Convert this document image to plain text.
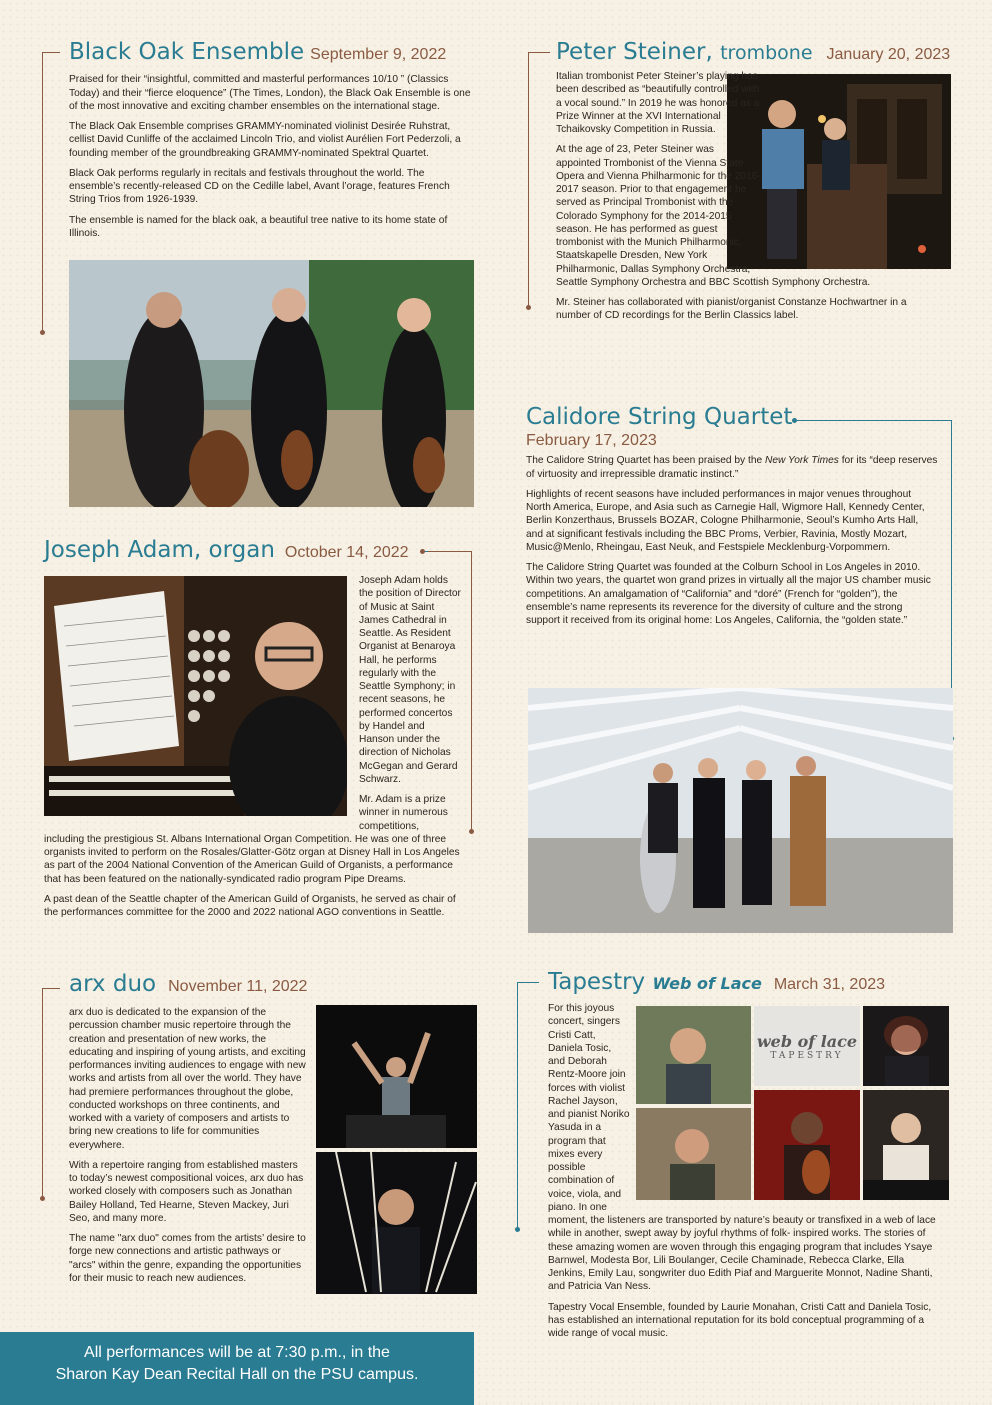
Black Oak Ensemble September 9, 2022

Praised for their “insightful, committed and masterful performances 10/10 ” (Classics Today) and their “fierce eloquence” (The Times, London), the Black Oak Ensemble is one of the most innovative and exciting chamber ensembles on the international stage.

The Black Oak Ensemble comprises GRAMMY-nominated violinist Desirée Ruhstrat, cellist David Cunliffe of the acclaimed Lincoln Trio, and violist Aurélien Fort Pederzoli, a founding member of the groundbreaking GRAMMY-nominated Spektral Quartet.

Black Oak performs regularly in recitals and festivals throughout the world. The ensemble’s recently-released CD on the Cedille label, Avant l’orage, features French String Trios from 1926-1939.

The ensemble is named for the black oak, a beautiful tree native to its home state of Illinois.

Peter Steiner, trombone January 20, 2023

Italian trombonist Peter Steiner’s playing has been described as “beautifully controlled with a vocal sound.” In 2019 he was honored as a Prize Winner at the XVI International Tchaikovsky Competition in Russia.

At the age of 23, Peter Steiner was appointed Trombonist of the Vienna State Opera and Vienna Philharmonic for the 2016-2017 season. Prior to that engagement he served as Principal Trombonist with the Colorado Symphony for the 2014-2015 season. He has performed as guest trombonist with the Munich Philharmonic, Staatskapelle Dresden, New York Philharmonic, Dallas Symphony Orchestra, Seattle Symphony Orchestra and BBC Scottish Symphony Orchestra.

Mr. Steiner has collaborated with pianist/organist Constanze Hochwartner in a number of CD recordings for the Berlin Classics label.

Joseph Adam, organ October 14, 2022

Joseph Adam holds the position of Director of Music at Saint James Cathedral in Seattle. As Resident Organist at Benaroya Hall, he performs regularly with the Seattle Symphony; in recent seasons, he performed concertos by Handel and Hanson under the direction of Nicholas McGegan and Gerard Schwarz.

Mr. Adam is a prize winner in numerous competitions, including the prestigious St. Albans International Organ Competition. He was one of three organists invited to perform on the Rosales/Glatter-Götz organ at Disney Hall in Los Angeles as part of the 2004 National Convention of the American Guild of Organists, a performance that has been featured on the nationally-syndicated radio program Pipe Dreams.

A past dean of the Seattle chapter of the American Guild of Organists, he served as chair of the performances committee for the 2000 and 2022 national AGO conventions in Seattle.

Calidore String Quartet
February 17, 2023

The Calidore String Quartet has been praised by the New York Times for its “deep reserves of virtuosity and irrepressible dramatic instinct.”

Highlights of recent seasons have included performances in major venues throughout North America, Europe, and Asia such as Carnegie Hall, Wigmore Hall, Kennedy Center, Berlin Konzerthaus, Brussels BOZAR, Cologne Philharmonie, Seoul’s Kumho Arts Hall, and at significant festivals including the BBC Proms, Verbier, Ravinia, Mostly Mozart, Music@Menlo, Rheingau, East Neuk, and Festspiele Mecklenburg-Vorpommern.

The Calidore String Quartet was founded at the Colburn School in Los Angeles in 2010. Within two years, the quartet won grand prizes in virtually all the major US chamber music competitions. An amalgamation of “California” and “doré” (French for “golden”), the ensemble’s name represents its reverence for the diversity of culture and the strong support it received from its original home: Los Angeles, California, the “golden state.”

arx duo November 11, 2022

arx duo is dedicated to the expansion of the percussion chamber music repertoire through the creation and presentation of new works, the educating and inspiring of young artists, and exciting performances inviting audiences to engage with new works and artists from all over the world. They have had premiere performances throughout the globe, conducted workshops on three continents, and worked with a variety of composers and artists to bring new creations to life for communities everywhere.

With a repertoire ranging from established masters to today’s newest compositional voices, arx duo has worked closely with composers such as Jonathan Bailey Holland, Ted Hearne, Steven Mackey, Juri Seo, and many more.

The name "arx duo" comes from the artists’ desire to forge new connections and artistic pathways or "arcs" within the genre, expanding the opportunities for their music to reach new audiences.

Tapestry Web of Lace March 31, 2023
web of lace
TAPESTRY

For this joyous concert, singers Cristi Catt, Daniela Tosic, and Deborah Rentz-Moore join forces with violist Rachel Jayson, and pianist Noriko Yasuda in a program that mixes every possible combination of voice, viola, and piano. In one moment, the listeners are transported by nature’s beauty or transfixed in a web of lace while in another, swept away by joyful rhythms of folk- inspired works. The stories of these amazing women are woven through this engaging program that includes Ysaye Barnwel, Modesta Bor, Lili Boulanger, Cecile Chaminade, Rebecca Clarke, Ella Jenkins, Emily Lau, songwriter duo Edith Piaf and Marguerite Monnot, Nadine Shanti, and Patricia Van Ness.

Tapestry Vocal Ensemble, founded by Laurie Monahan, Cristi Catt and Daniela Tosic, has established an international reputation for its bold conceptual programming of a wide range of vocal music.

All performances will be at 7:30 p.m., in the
Sharon Kay Dean Recital Hall on the PSU campus.
